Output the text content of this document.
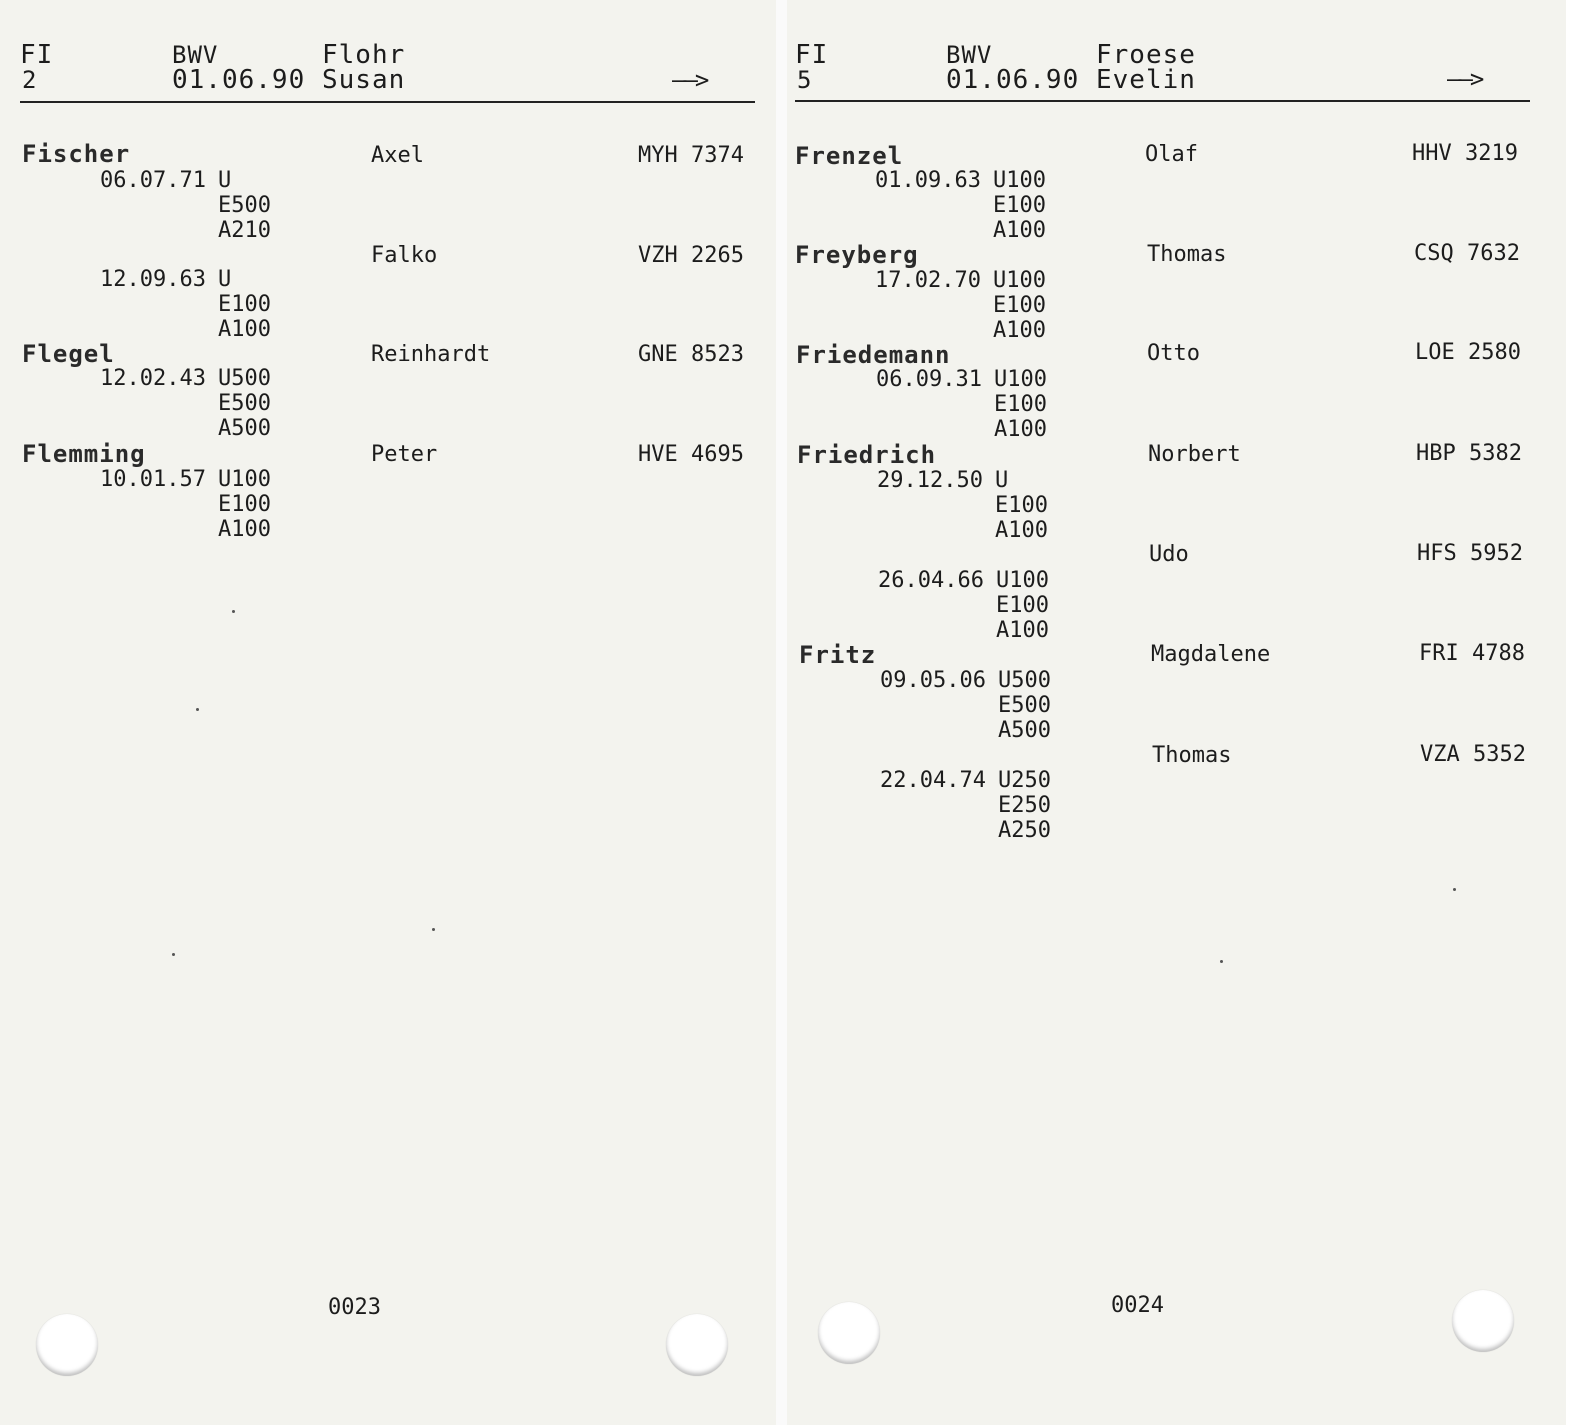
FI
2
BWV
01.06.90
Flohr
Susan	——>
Fischer	Axel	MYH 7374
06.07.71 U
E500
A210
Falko	VZH 2265
12.09.63 U
E100
A100
Flegel	Reinhardt	GNE 8523
12.02.43 U500
E500
A500
Flemming	Peter	HVE 4695
10.01.57 U100
E100
A100
0023
FI
5
BWV
01.06.90
Froese
Evelin	——>
Frenzel	Olaf	HHV 3219
01.09.63 U100
E100
A100
Freyberg	Thomas	CSQ 7632
17.02.70 U100
E100
A100
Friedemann	Otto	LOE 2580
06.09.31 U100
E100
A100
Friedrich	Norbert	HBP 5382
29.12.50 U
E100
A100
Udo	HFS 5952
26.04.66 U100
E100
A100
Fritz	Magdalene	FRI 4788
09.05.06 U500
E500
A500
Thomas	VZA 5352
22.04.74 U250
E250
A250
0024
